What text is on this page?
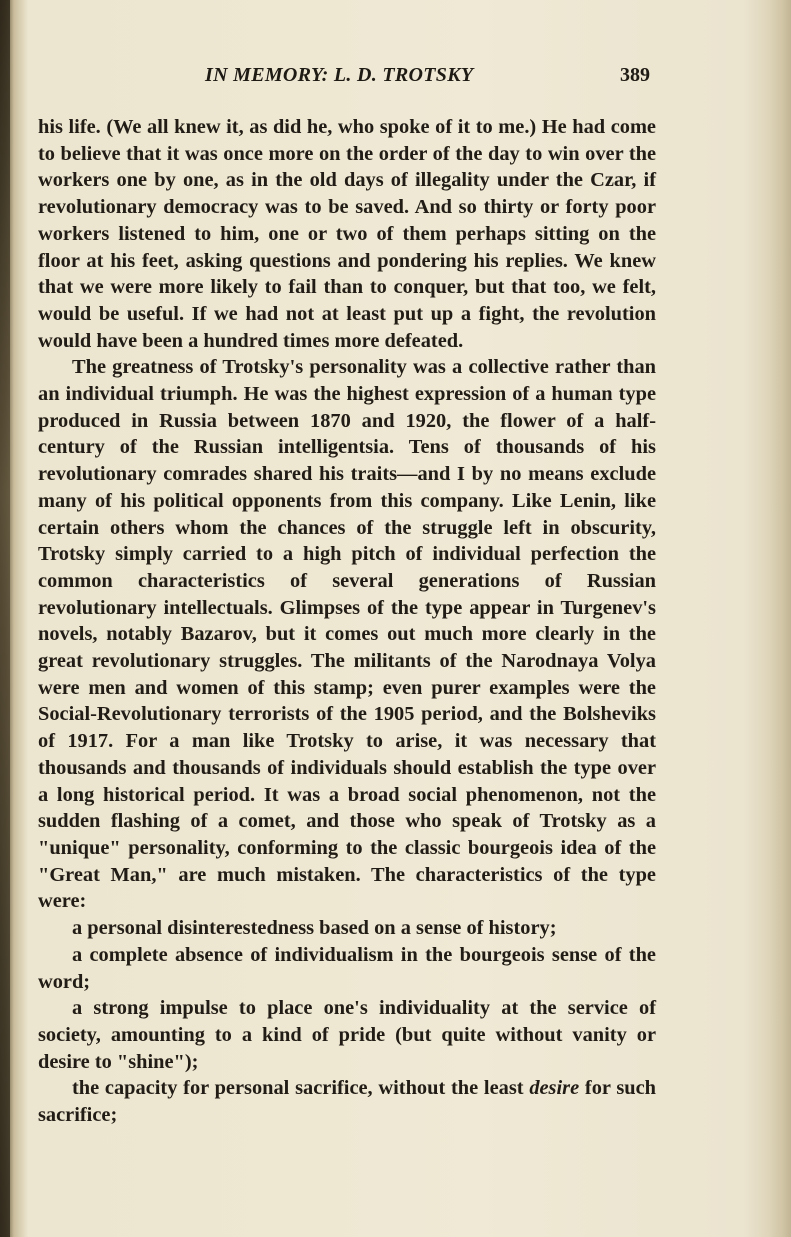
IN MEMORY: L. D. TROTSKY	389

his life. (We all knew it, as did he, who spoke of it to me.) He had come to believe that it was once more on the order of the day to win over the workers one by one, as in the old days of illegality under the Czar, if revolutionary democracy was to be saved. And so thirty or forty poor workers listened to him, one or two of them perhaps sitting on the floor at his feet, asking questions and pondering his replies. We knew that we were more likely to fail than to conquer, but that too, we felt, would be useful. If we had not at least put up a fight, the revolution would have been a hundred times more defeated.

The greatness of Trotsky's personality was a collective rather than an individual triumph. He was the highest expression of a human type produced in Russia between 1870 and 1920, the flower of a half-century of the Russian intelligentsia. Tens of thousands of his revolutionary comrades shared his traits—and I by no means exclude many of his political opponents from this company. Like Lenin, like certain others whom the chances of the struggle left in obscurity, Trotsky simply carried to a high pitch of individual perfection the common characteristics of several generations of Russian revolutionary intellectuals. Glimpses of the type appear in Turgenev's novels, notably Bazarov, but it comes out much more clearly in the great revolutionary struggles. The militants of the Narodnaya Volya were men and women of this stamp; even purer examples were the Social-Revolutionary terrorists of the 1905 period, and the Bolsheviks of 1917. For a man like Trotsky to arise, it was necessary that thousands and thousands of individuals should establish the type over a long historical period. It was a broad social phenomenon, not the sudden flashing of a comet, and those who speak of Trotsky as a "unique" personality, conforming to the classic bourgeois idea of the "Great Man," are much mistaken. The characteristics of the type were:

a personal disinterestedness based on a sense of history;

a complete absence of individualism in the bourgeois sense of the word;

a strong impulse to place one's individuality at the service of society, amounting to a kind of pride (but quite without vanity or desire to "shine");

the capacity for personal sacrifice, without the least desire for such sacrifice;
